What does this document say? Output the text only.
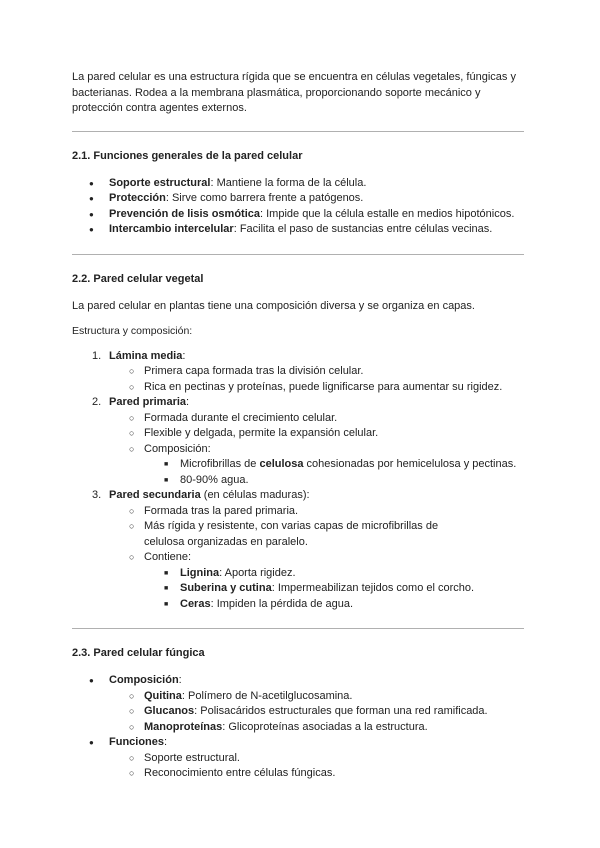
La pared celular es una estructura rígida que se encuentra en células vegetales, fúngicas y bacterianas. Rodea a la membrana plasmática, proporcionando soporte mecánico y protección contra agentes externos.

2.1. Funciones generales de la pared celular
● Soporte estructural: Mantiene la forma de la célula.
● Protección: Sirve como barrera frente a patógenos.
● Prevención de lisis osmótica: Impide que la célula estalle en medios hipotónicos.
● Intercambio intercelular: Facilita el paso de sustancias entre células vecinas.
2.2. Pared celular vegetal

La pared celular en plantas tiene una composición diversa y se organiza en capas.

Estructura y composición:

1. Lámina media:
○ Primera capa formada tras la división celular.
○ Rica en pectinas y proteínas, puede lignificarse para aumentar su rigidez.
2. Pared primaria:
○ Formada durante el crecimiento celular.
○ Flexible y delgada, permite la expansión celular.
○ Composición:
■ Microfibrillas de celulosa cohesionadas por hemicelulosa y pectinas.
■ 80-90% agua.
3. Pared secundaria (en células maduras):
○ Formada tras la pared primaria.
○ Más rígida y resistente, con varias capas de microfibrillas de celulosa organizadas en paralelo.
○ Contiene:
■ Lignina: Aporta rigidez.
■ Suberina y cutina: Impermeabilizan tejidos como el corcho.
■ Ceras: Impiden la pérdida de agua.
2.3. Pared celular fúngica
● Composición:
○ Quitina: Polímero de N-acetilglucosamina.
○ Glucanos: Polisacáridos estructurales que forman una red ramificada.
○ Manoproteínas: Glicoproteínas asociadas a la estructura.
● Funciones:
○ Soporte estructural.
○ Reconocimiento entre células fúngicas.
